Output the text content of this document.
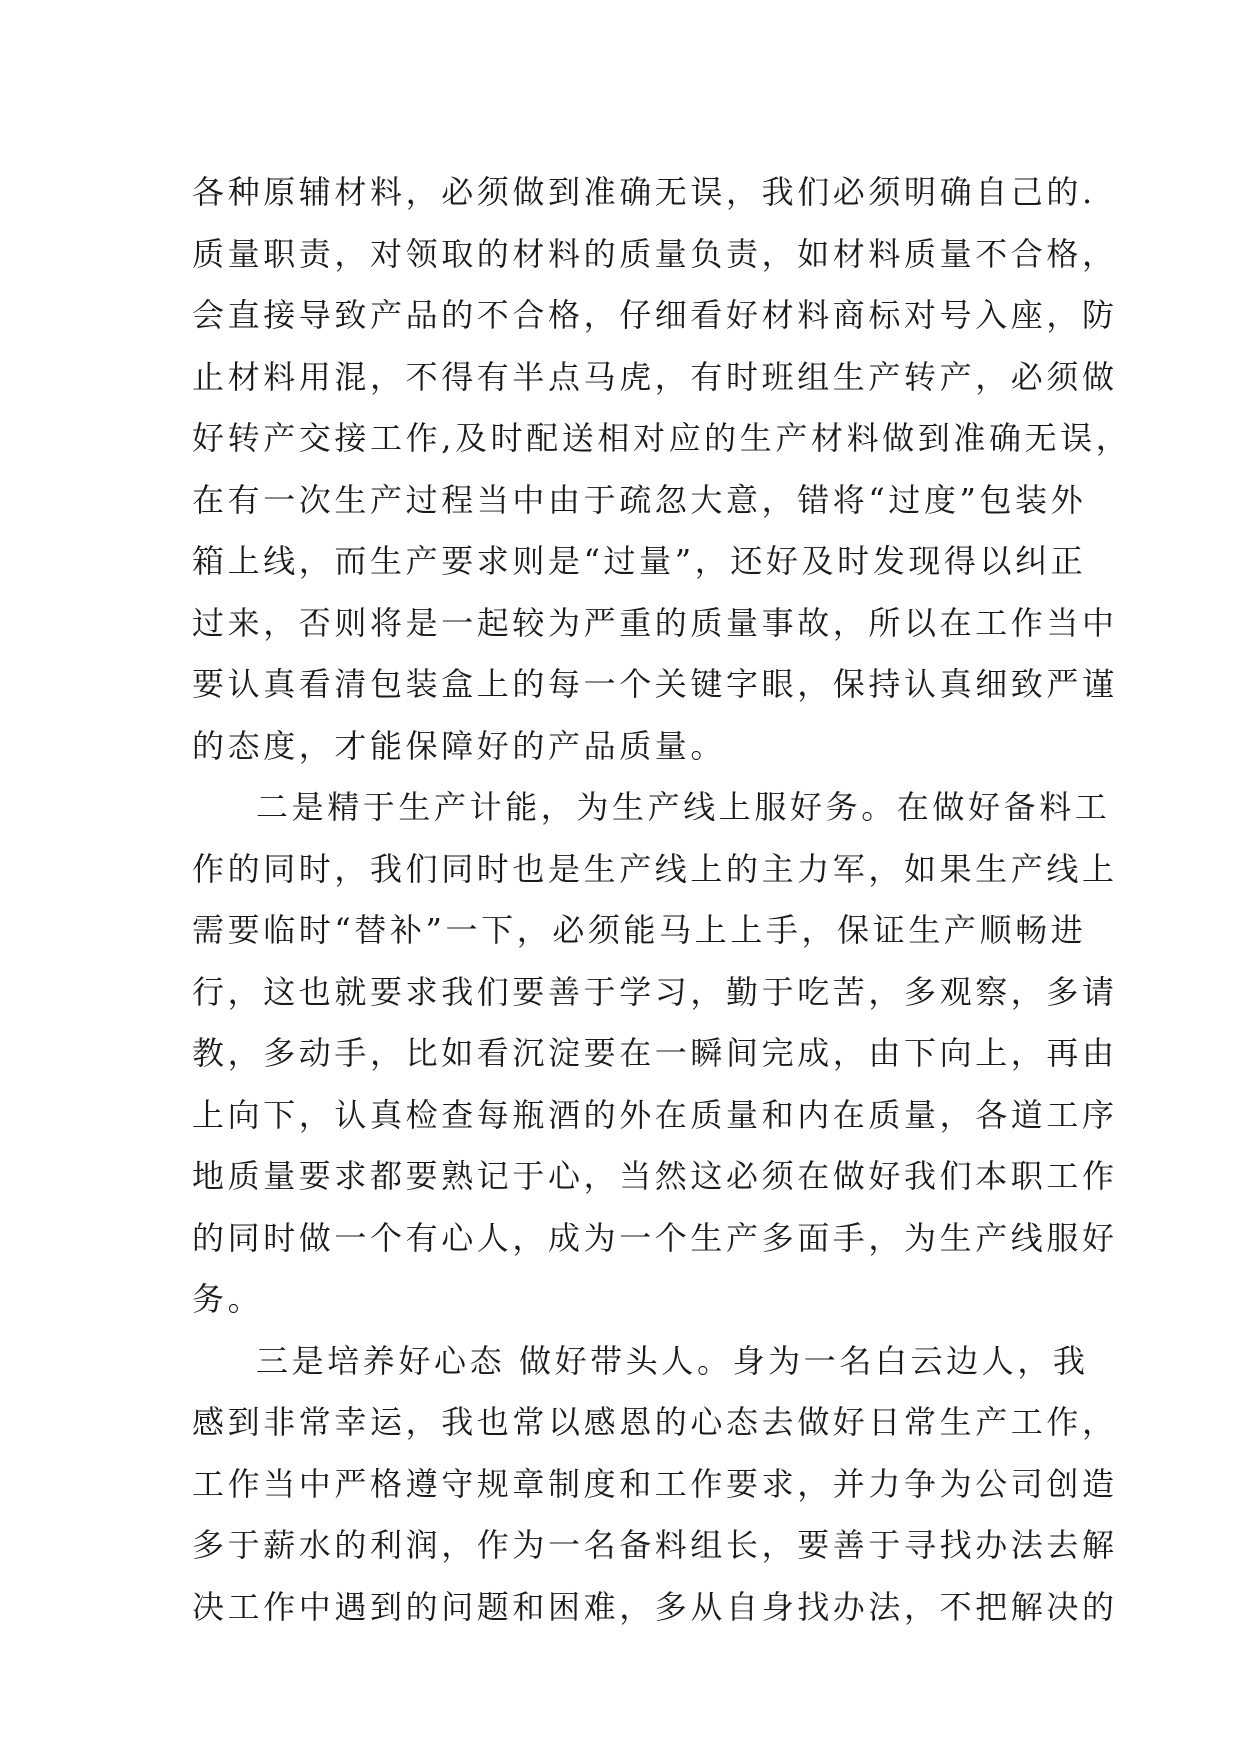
各种原辅材料，必须做到准确无误，我们必须明确自己的.
质量职责，对领取的材料的质量负责，如材料质量不合格，
会直接导致产品的不合格，仔细看好材料商标对号入座，防
止材料用混，不得有半点马虎，有时班组生产转产，必须做
好转产交接工作,及时配送相对应的生产材料做到准确无误，
在有一次生产过程当中由于疏忽大意，错将“过度”包装外
箱上线，而生产要求则是“过量”，还好及时发现得以纠正
过来，否则将是一起较为严重的质量事故，所以在工作当中
要认真看清包装盒上的每一个关键字眼，保持认真细致严谨
的态度，才能保障好的产品质量。
二是精于生产计能，为生产线上服好务。在做好备料工
作的同时，我们同时也是生产线上的主力军，如果生产线上
需要临时“替补”一下，必须能马上上手，保证生产顺畅进
行，这也就要求我们要善于学习，勤于吃苦，多观察，多请
教，多动手，比如看沉淀要在一瞬间完成，由下向上，再由
上向下，认真检查每瓶酒的外在质量和内在质量，各道工序
地质量要求都要熟记于心，当然这必须在做好我们本职工作
的同时做一个有心人，成为一个生产多面手，为生产线服好
务。
三是培养好心态 做好带头人。身为一名白云边人，我
感到非常幸运，我也常以感恩的心态去做好日常生产工作，
工作当中严格遵守规章制度和工作要求，并力争为公司创造
多于薪水的利润，作为一名备料组长，要善于寻找办法去解
决工作中遇到的问题和困难，多从自身找办法，不把解决的
